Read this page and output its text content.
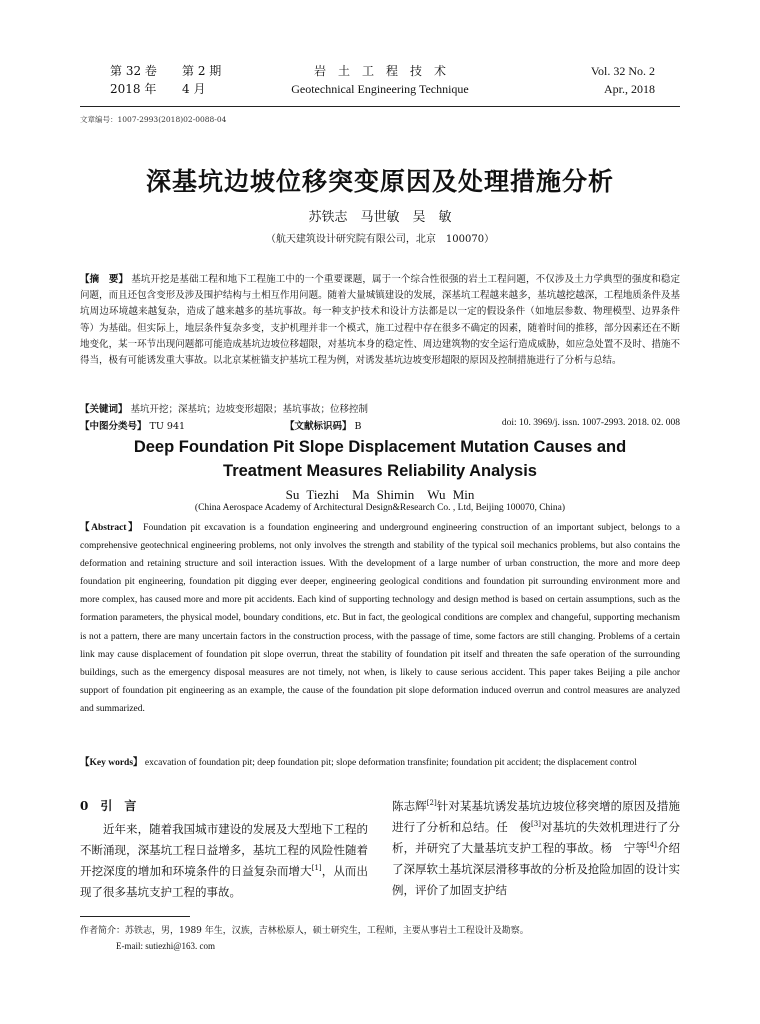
第 32 卷 第 2 期
2018 年 4 月
岩　土　工　程　技　术
Geotechnical Engineering Technique
Vol. 32 No. 2
Apr., 2018
文章编号：1007-2993(2018)02-0088-04
深基坑边坡位移突变原因及处理措施分析
苏铁志　马世敏　吴　敏
（航天建筑设计研究院有限公司，北京　100070）
【摘　要】 基坑开挖是基础工程和地下工程施工中的一个重要课题，属于一个综合性很强的岩土工程问题，不仅涉及土力学典型的强度和稳定问题，而且还包含变形及涉及围护结构与土相互作用问题。随着大量城镇建设的发展，深基坑工程越来越多，基坑越挖越深，工程地质条件及基坑周边环境越来越复杂，造成了越来越多的基坑事故。每一种支护技术和设计方法都是以一定的假设条件（如地层参数、物理模型、边界条件等）为基础。但实际上，地层条件复杂多变，支护机理并非一个模式，施工过程中存在很多不确定的因素，随着时间的推移，部分因素还在不断地变化，某一环节出现问题都可能造成基坑边坡位移超限，对基坑本身的稳定性、周边建筑物的安全运行造成威胁，如应急处置不及时、措施不得当，极有可能诱发重大事故。以北京某桩锚支护基坑工程为例，对诱发基坑边坡变形超限的原因及控制措施进行了分析与总结。
【关键词】 基坑开挖；深基坑；边坡变形超限；基坑事故；位移控制
【中图分类号】 TU 941	【文献标识码】 B	doi: 10. 3969/j. issn. 1007-2993. 2018. 02. 008
Deep Foundation Pit Slope Displacement Mutation Causes and
Treatment Measures Reliability Analysis
Su Tiezhi　Ma Shimin　Wu Min
(China Aerospace Academy of Architectural Design&Research Co. , Ltd, Beijing 100070, China)
【Abstract】 Foundation pit excavation is a foundation engineering and underground engineering construction of an important subject, belongs to a comprehensive geotechnical engineering problems, not only involves the strength and stability of the typical soil mechanics problems, but also contains the deformation and retaining structure and soil interaction issues. With the development of a large number of urban construction, the more and more deep foundation pit engineering, foundation pit digging ever deeper, engineering geological conditions and foundation pit surrounding environment more and more complex, has caused more and more pit accidents. Each kind of supporting technology and design method is based on certain assumptions, such as the formation parameters, the physical model, boundary conditions, etc. But in fact, the geological conditions are complex and changeful, supporting mechanism is not a pattern, there are many uncertain factors in the construction process, with the passage of time, some factors are still changing. Problems of a certain link may cause displacement of foundation pit slope overrun, threat the stability of foundation pit itself and threaten the safe operation of the surrounding buildings, such as the emergency disposal measures are not timely, not when, is likely to cause serious accident. This paper takes Beijing a pile anchor support of foundation pit engineering as an example, the cause of the foundation pit slope deformation induced overrun and control measures are analyzed and summarized.
【Key words】 excavation of foundation pit; deep foundation pit; slope deformation transfinite; foundation pit accident; the displacement control
0　引　言
近年来，随着我国城市建设的发展及大型地下工程的不断涌现，深基坑工程日益增多，基坑工程的风险性随着开挖深度的增加和环境条件的日益复杂而增大[1]，从而出现了很多基坑支护工程的事故。
陈志辉[2]针对某基坑诱发基坑边坡位移突增的原因及措施进行了分析和总结。任　俊[3]对基坑的失效机理进行了分析，并研究了大量基坑支护工程的事故。杨　宁等[4]介绍了深厚软土基坑深层滑移事故的分析及抢险加固的设计实例，评价了加固支护结
作者简介：苏铁志，男，1989 年生，汉族，吉林松原人，硕士研究生，工程师，主要从事岩土工程设计及勘察。
E-mail: sutiezhi@163. com
